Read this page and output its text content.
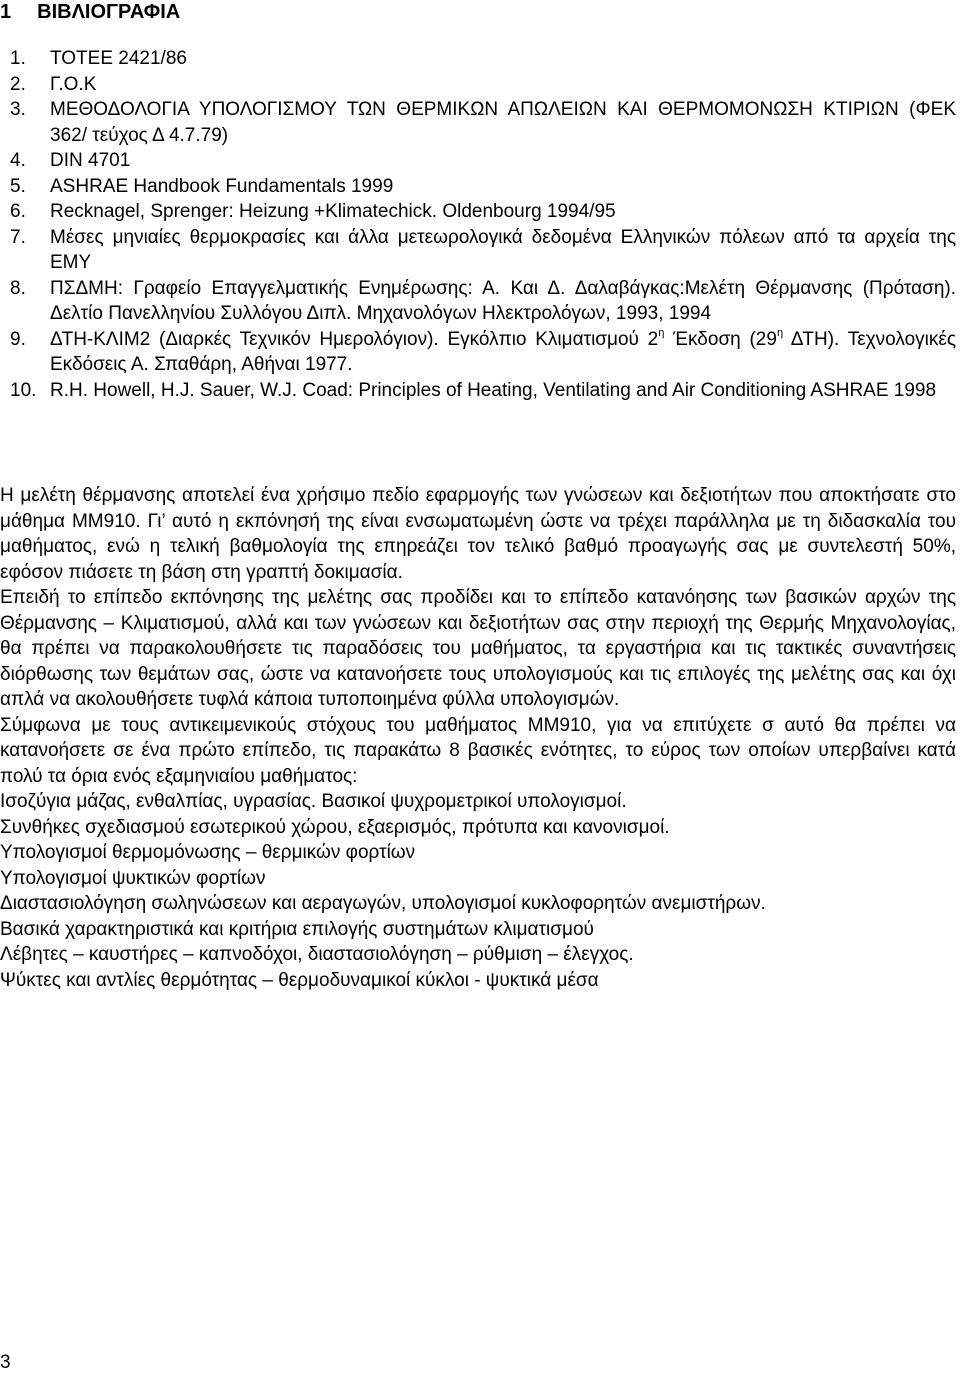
1 ΒΙΒΛΙΟΓΡΑΦΙΑ
1. ΤΟΤΕΕ 2421/86
2. Γ.Ο.Κ
3. ΜΕΘΟΔΟΛΟΓΙΑ ΥΠΟΛΟΓΙΣΜΟΥ ΤΩΝ ΘΕΡΜΙΚΩΝ ΑΠΩΛΕΙΩΝ ΚΑΙ ΘΕΡΜΟΜΟΝΩΣΗ ΚΤΙΡΙΩΝ (ΦΕΚ 362/ τεύχος Δ 4.7.79)
4. DIN 4701
5. ASHRAE Handbook Fundamentals 1999
6. Recknagel, Sprenger: Heizung +Klimatechick. Oldenbourg 1994/95
7. Μέσες μηνιαίες θερμοκρασίες και άλλα μετεωρολογικά δεδομένα Ελληνικών πόλεων από τα αρχεία της ΕΜΥ
8. ΠΣΔΜΗ: Γραφείο Επαγγελματικής Ενημέρωσης: Α. Και Δ. Δαλαβάγκας:Μελέτη Θέρμανσης (Πρόταση). Δελτίο Πανελληνίου Συλλόγου Διπλ. Μηχανολόγων Ηλεκτρολόγων, 1993, 1994
9. ΔΤΗ-ΚΛΙΜ2 (Διαρκές Τεχνικόν Ημερολόγιον). Εγκόλπιο Κλιματισμού $2^\eta$ Έκδοση ($29^\eta$ ΔΤΗ). Τεχνολογικές Εκδόσεις Α. Σπαθάρη, Αθήναι 1977.
10. R.H. Howell, H.J. Sauer, W.J. Coad: Principles of Heating, Ventilating and Air Conditioning ASHRAE 1998

Η μελέτη θέρμανσης αποτελεί ένα χρήσιμο πεδίο εφαρμογής των γνώσεων και δεξιοτήτων που αποκτήσατε στο μάθημα ΜΜ910. Γι’ αυτό η εκπόνησή της είναι ενσωματωμένη ώστε να τρέχει παράλληλα με τη διδασκαλία του μαθήματος, ενώ η τελική βαθμολογία της επηρεάζει τον τελικό βαθμό προαγωγής σας με συντελεστή 50%, εφόσον πιάσετε τη βάση στη γραπτή δοκιμασία.

Επειδή το επίπεδο εκπόνησης της μελέτης σας προδίδει και το επίπεδο κατανόησης των βασικών αρχών της Θέρμανσης – Κλιματισμού, αλλά και των γνώσεων και δεξιοτήτων σας στην περιοχή της Θερμής Μηχανολογίας, θα πρέπει να παρακολουθήσετε τις παραδόσεις του μαθήματος, τα εργαστήρια και τις τακτικές συναντήσεις διόρθωσης των θεμάτων σας, ώστε να κατανοήσετε τους υπολογισμούς και τις επιλογές της μελέτης σας και όχι απλά να ακολουθήσετε τυφλά κάποια τυποποιημένα φύλλα υπολογισμών.

Σύμφωνα με τους αντικειμενικούς στόχους του μαθήματος ΜΜ910, για να επιτύχετε σ αυτό θα πρέπει να κατανοήσετε σε ένα πρώτο επίπεδο, τις παρακάτω 8 βασικές ενότητες, το εύρος των οποίων υπερβαίνει κατά πολύ τα όρια ενός εξαμηνιαίου μαθήματος:

Ισοζύγια μάζας, ενθαλπίας, υγρασίας. Βασικοί ψυχρομετρικοί υπολογισμοί.

Συνθήκες σχεδιασμού εσωτερικού χώρου, εξαερισμός, πρότυπα και κανονισμοί.

Υπολογισμοί θερμομόνωσης – θερμικών φορτίων

Υπολογισμοί ψυκτικών φορτίων

Διαστασιολόγηση σωληνώσεων και αεραγωγών, υπολογισμοί κυκλοφορητών ανεμιστήρων.

Βασικά χαρακτηριστικά και κριτήρια επιλογής συστημάτων κλιματισμού

Λέβητες – καυστήρες – καπνοδόχοι, διαστασιολόγηση – ρύθμιση – έλεγχος.

Ψύκτες και αντλίες θερμότητας – θερμοδυναμικοί κύκλοι - ψυκτικά μέσα

3
